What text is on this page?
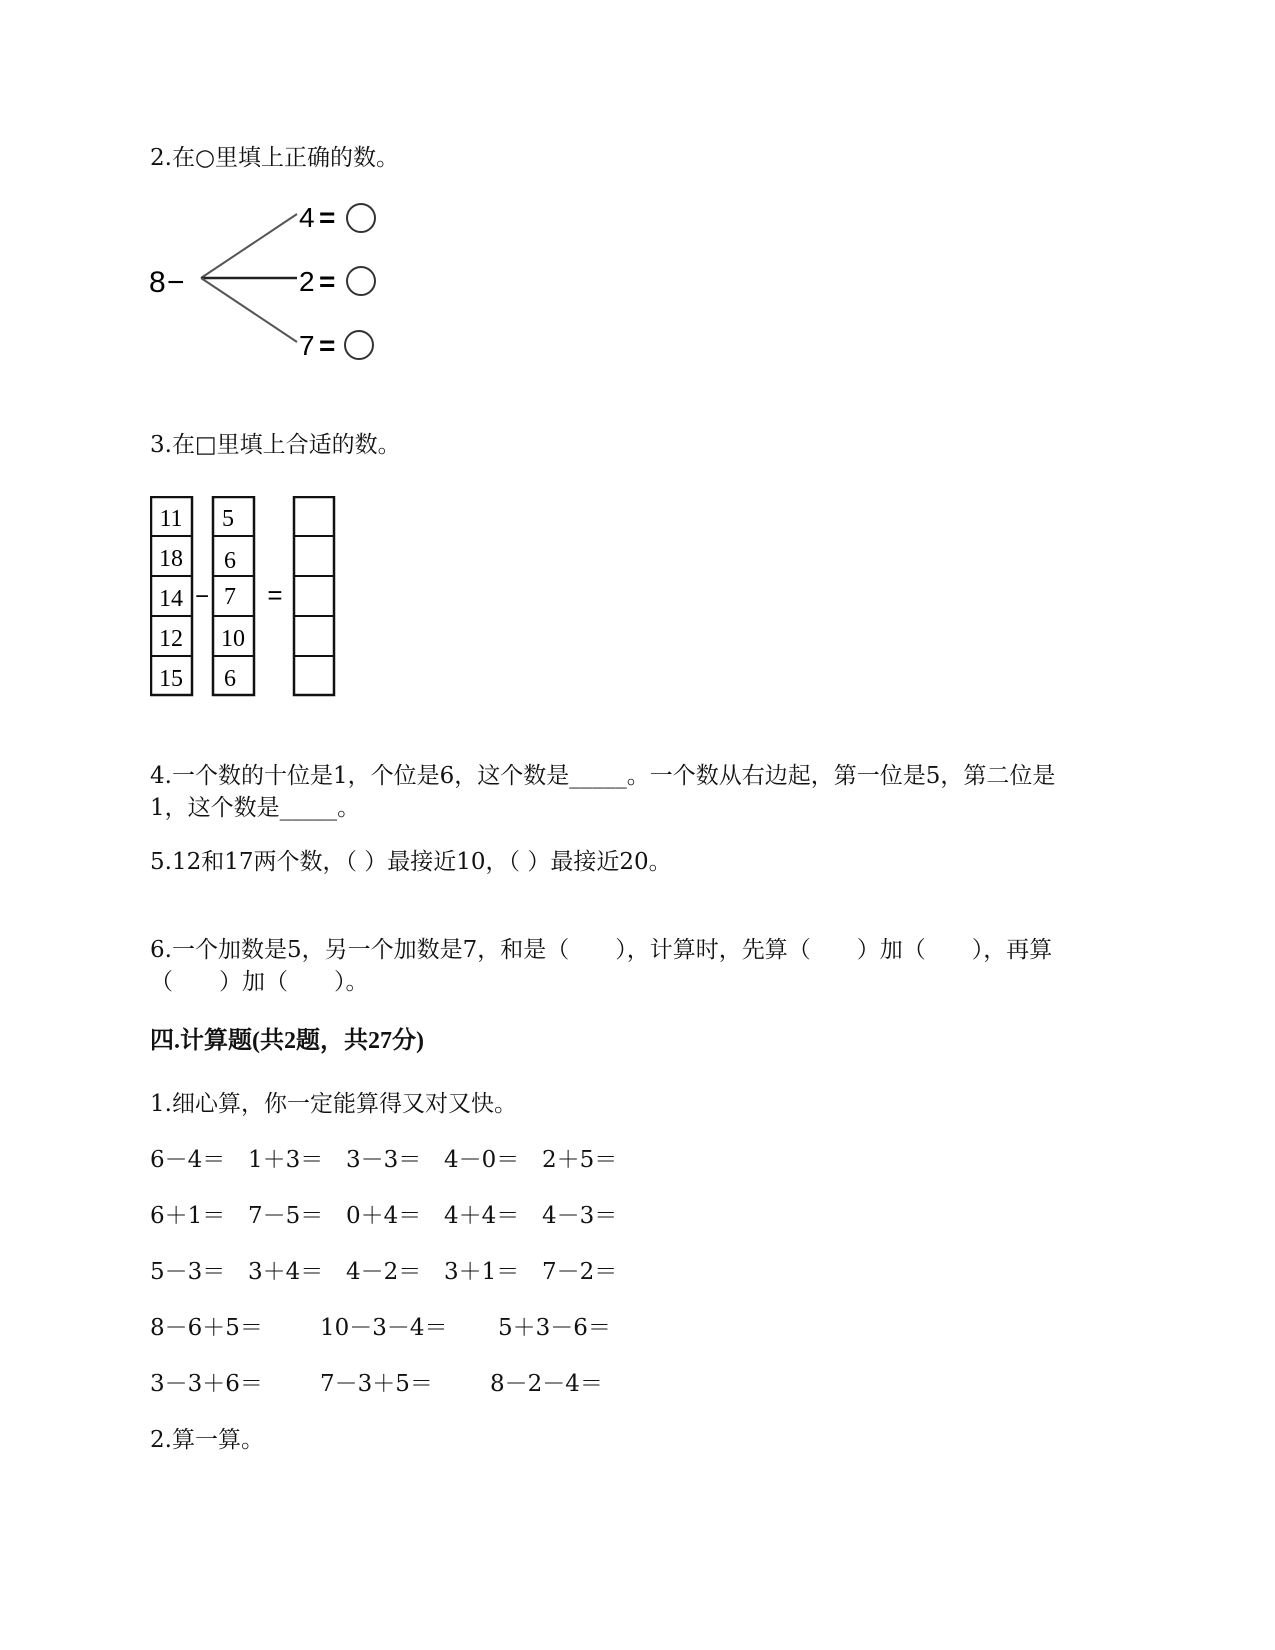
2.在○里填上正确的数。
8 −
4 =
2 =
7 =
3.在□里填上合适的数。
11
18
14
12
15
−
5
6
7
10
6
=
4.一个数的十位是1，个位是6，这个数是_____。一个数从右边起，第一位是5，第二位是
1，这个数是_____。
5.12和17两个数，（ ）最接近10，（ ）最接近20。
6.一个加数是5，另一个加数是7，和是（　　），计算时，先算（　　）加（　　），再算
（　　）加（　　）。
四.计算题(共2题，共27分)
1.细心算，你一定能算得又对又快。
6－4＝ 1＋3＝ 3－3＝ 4－0＝ 2＋5＝
6＋1＝ 7－5＝ 0＋4＝ 4＋4＝ 4－3＝
5－3＝ 3＋4＝ 4－2＝ 3＋1＝ 7－2＝
8－6＋5＝ 10－3－4＝ 5＋3－6＝
3－3＋6＝ 7－3＋5＝ 8－2－4＝
2.算一算。
